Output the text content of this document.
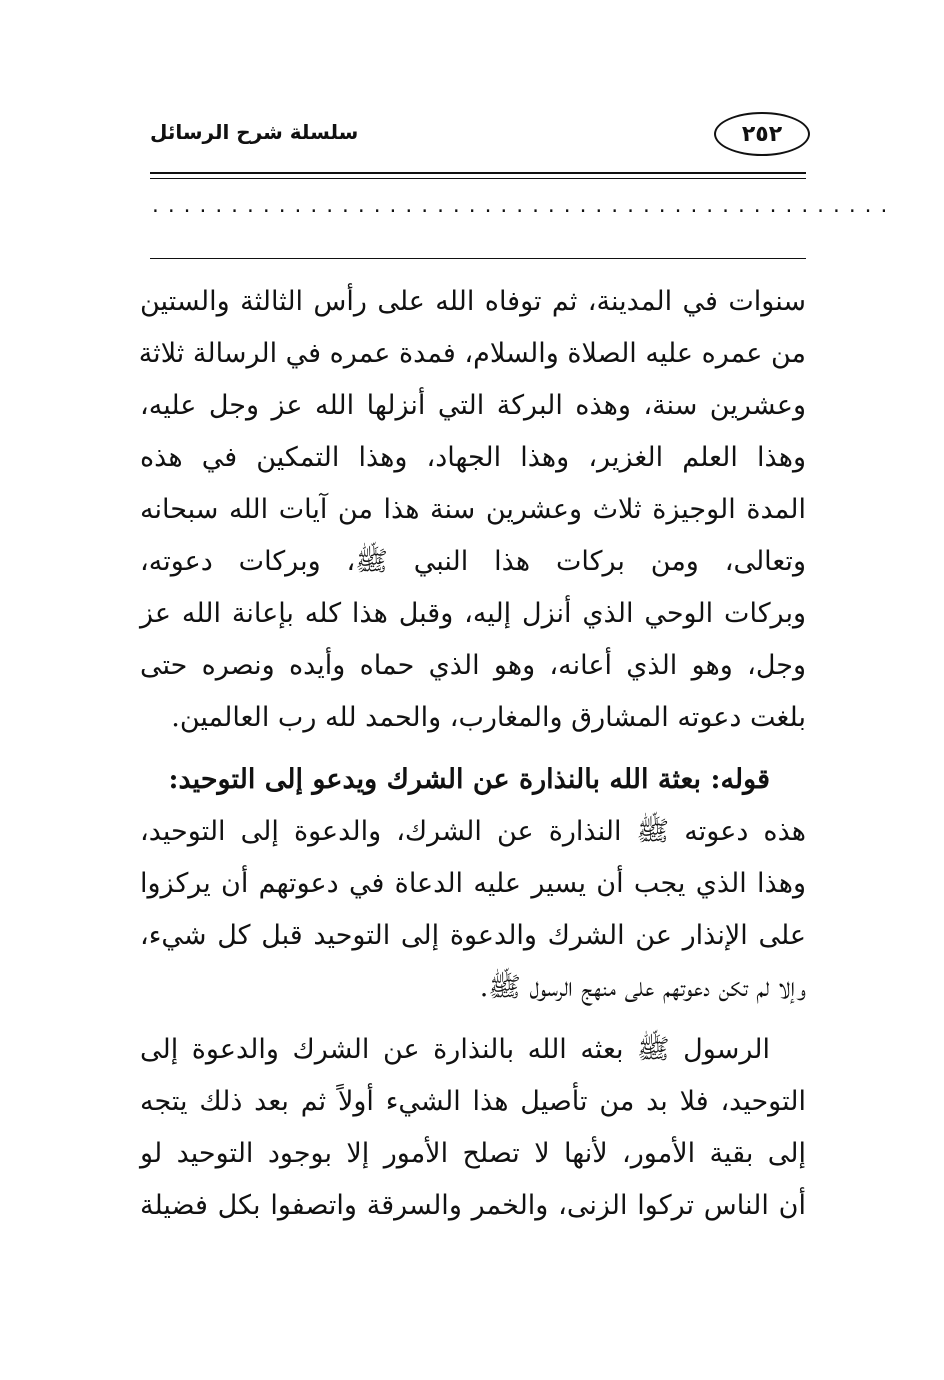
٢٥٢
سلسلة شرح الرسائل
...............................................
سنوات في المدينة، ثم توفاه الله على رأس الثالثة والستين
من عمره عليه الصلاة والسلام، فمدة عمره في الرسالة ثلاثة
وعشرين سنة، وهذه البركة التي أنزلها الله عز وجل عليه،
وهذا العلم الغزير، وهذا الجهاد، وهذا التمكين في هذه
المدة الوجيزة ثلاث وعشرين سنة هذا من آيات الله سبحانه
وتعالى، ومن بركات هذا النبي ﷺ، وبركات دعوته،
وبركات الوحي الذي أنزل إليه، وقبل هذا كله بإعانة الله عز
وجل، وهو الذي أعانه، وهو الذي حماه وأيده ونصره حتى
بلغت دعوته المشارق والمغارب، والحمد لله رب العالمين.
قوله: بعثة الله بالنذارة عن الشرك ويدعو إلى التوحيد:
هذه دعوته ﷺ النذارة عن الشرك، والدعوة إلى التوحيد،
وهذا الذي يجب أن يسير عليه الدعاة في دعوتهم أن يركزوا
على الإنذار عن الشرك والدعوة إلى التوحيد قبل كل شيء،
وإلا لم تكن دعوتهم على منهج الرسول ﷺ.
الرسول ﷺ بعثه الله بالنذارة عن الشرك والدعوة إلى
التوحيد، فلا بد من تأصيل هذا الشيء أولاً ثم بعد ذلك يتجه
إلى بقية الأمور، لأنها لا تصلح الأمور إلا بوجود التوحيد لو
أن الناس تركوا الزنى، والخمر والسرقة واتصفوا بكل فضيلة
